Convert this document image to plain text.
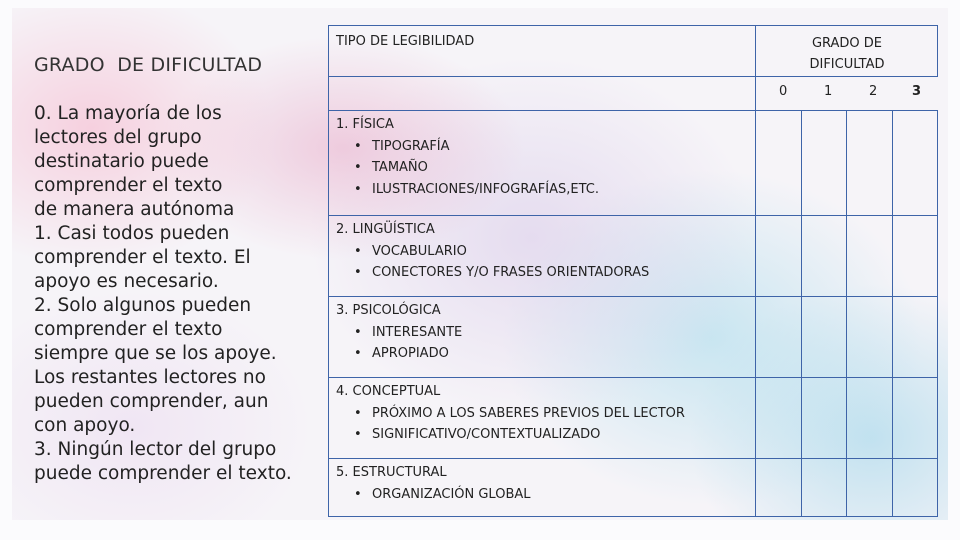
GRADO  DE DIFICULTAD
0. La mayoría de los
lectores del grupo
destinatario puede
comprender el texto
de manera autónoma
1. Casi todos pueden
comprender el texto. El
apoyo es necesario.
2. Solo algunos pueden
comprender el texto
siempre que se los apoye.
Los restantes lectores no
pueden comprender, aun
con apoyo.
3. Ningún lector del grupo
puede comprender el texto.
TIPO DE LEGIBILIDAD	GRADO DE
DIFICULTAD
0	1	2	3
1. FÍSICA
• TIPOGRAFÍA
• TAMAÑO
• ILUSTRACIONES/INFOGRAFÍAS,ETC.
2. LINGÜÍSTICA
• VOCABULARIO
• CONECTORES Y/O FRASES ORIENTADORAS
3. PSICOLÓGICA
• INTERESANTE
• APROPIADO
4. CONCEPTUAL
• PRÓXIMO A LOS SABERES PREVIOS DEL LECTOR
• SIGNIFICATIVO/CONTEXTUALIZADO
5. ESTRUCTURAL
• ORGANIZACIÓN GLOBAL
